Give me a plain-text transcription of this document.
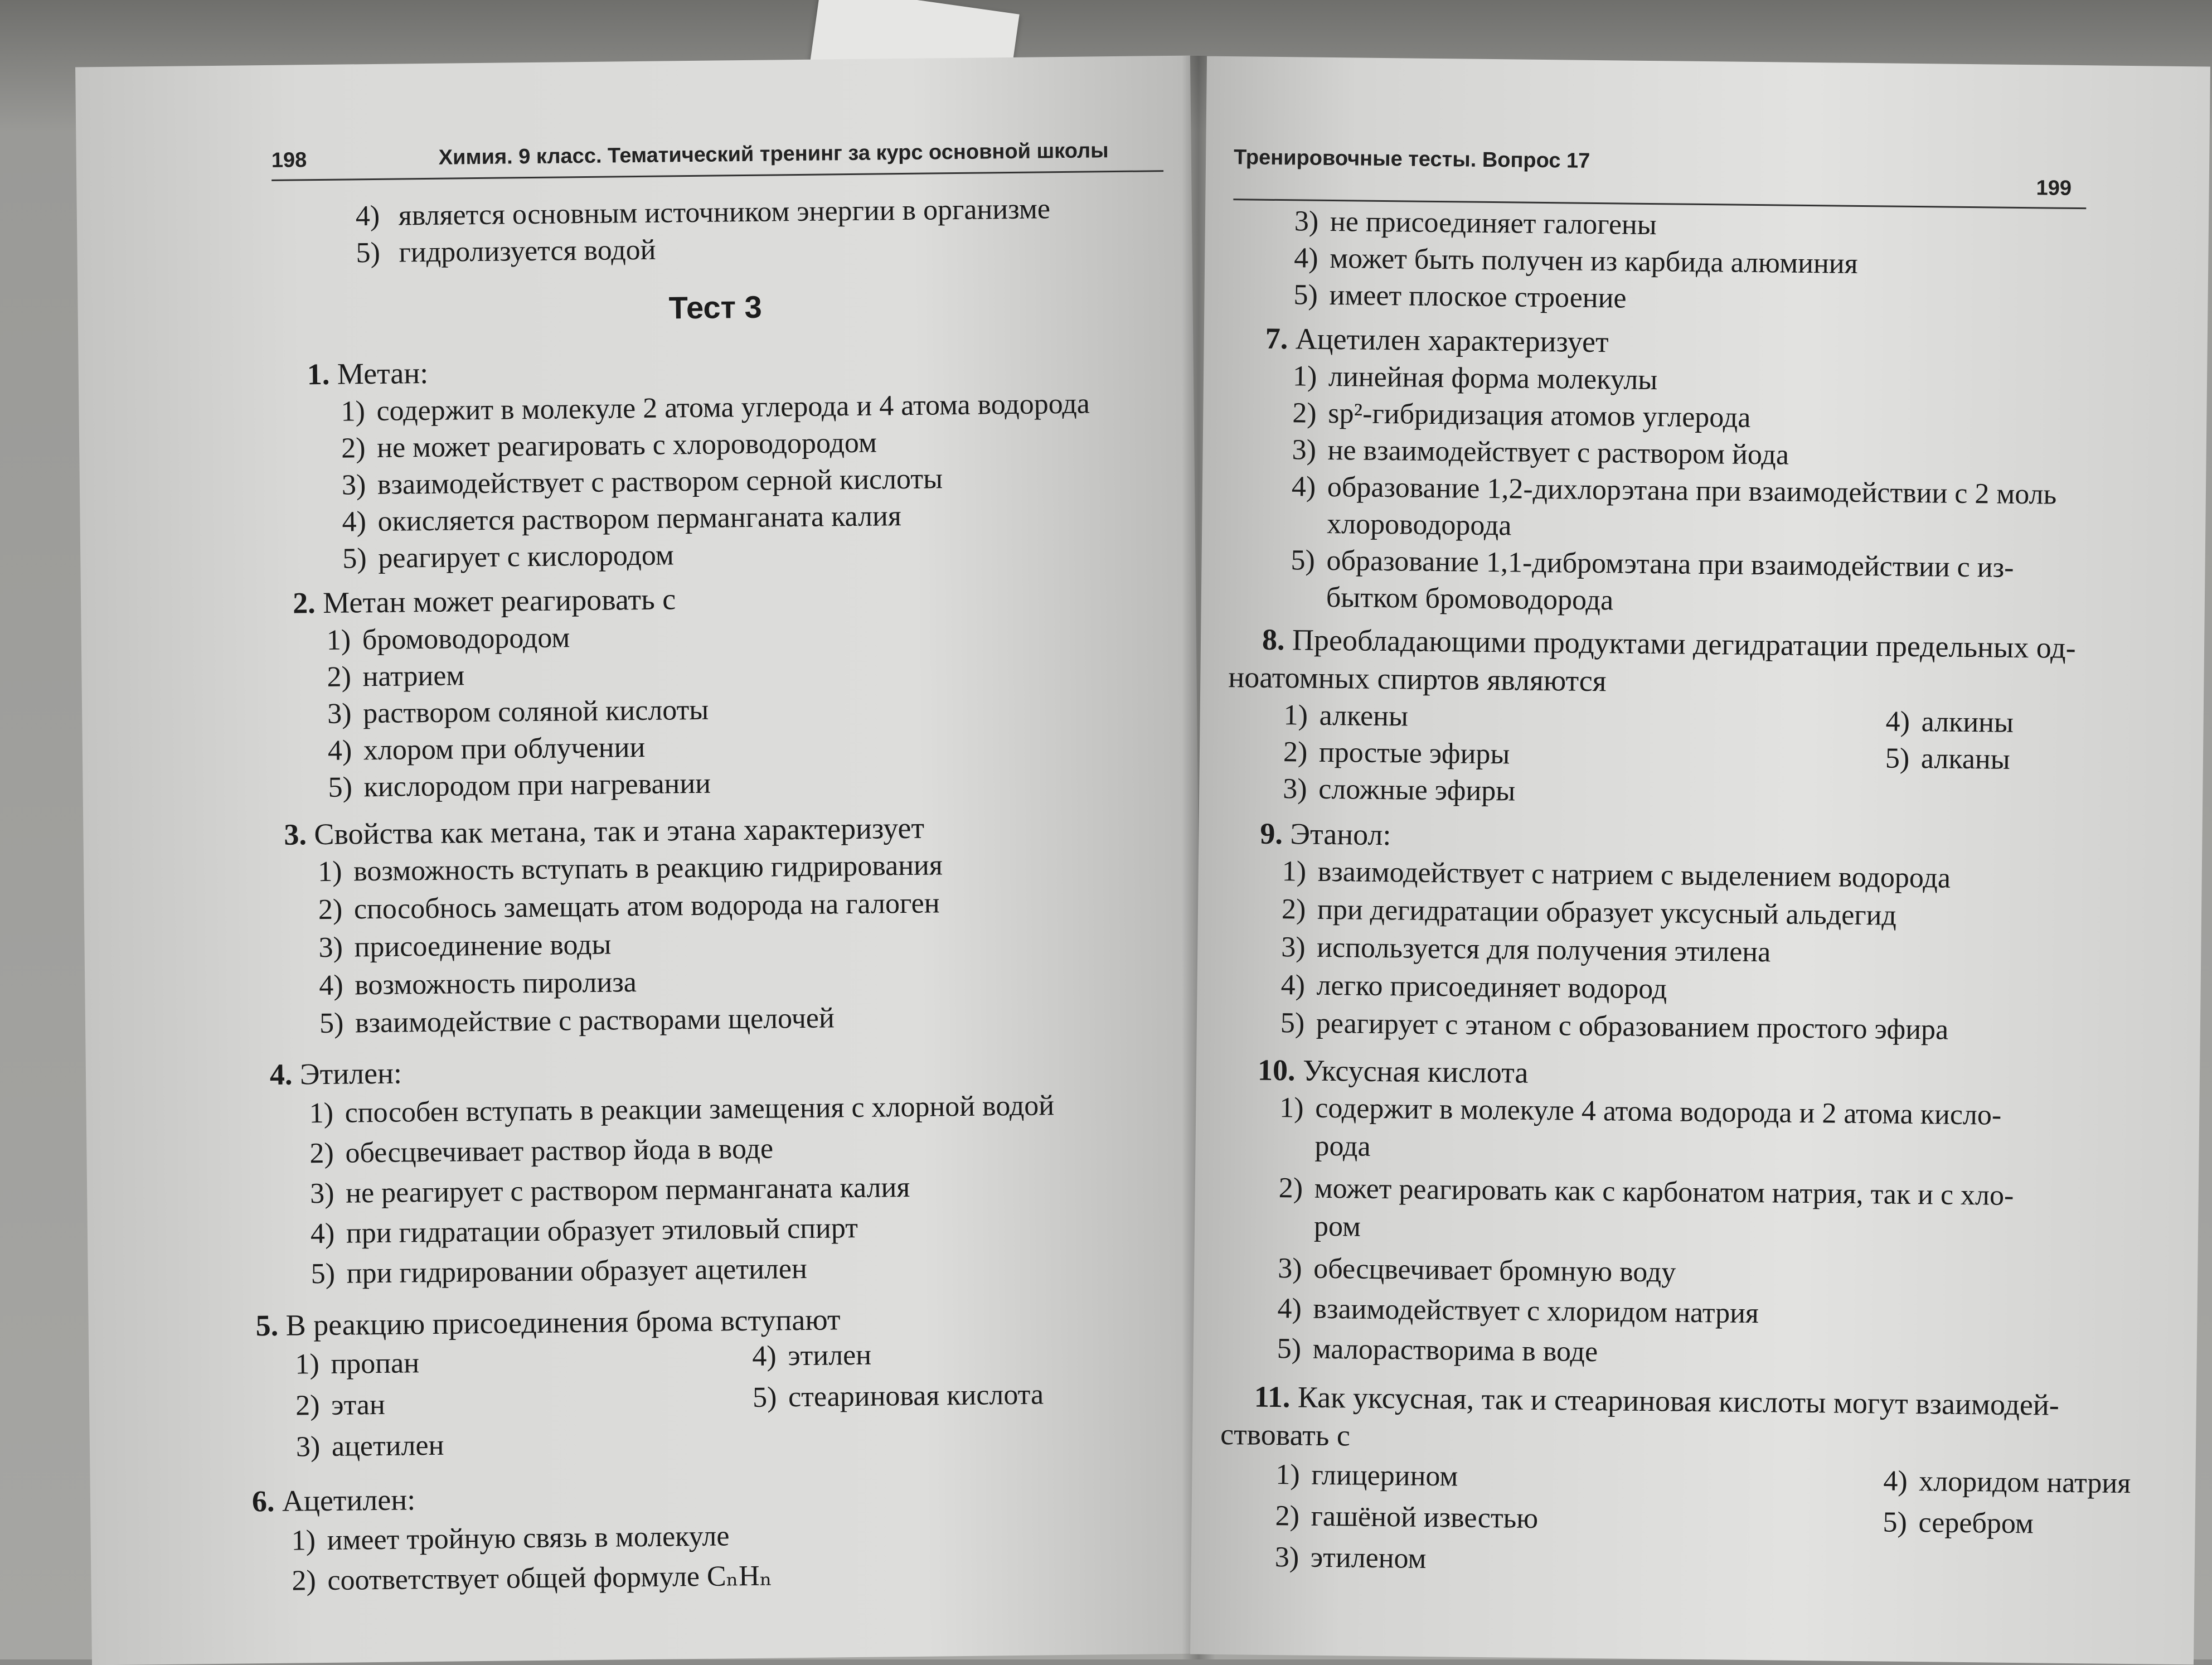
198	Химия. 9 класс. Тематический тренинг за курс основной школы
4) является основным источником энергии в организме
5) гидролизуется водой
Тест 3
1. Метан:
1) содержит в молекуле 2 атома углерода и 4 атома водорода
2) не может реагировать с хлороводородом
3) взаимодействует с раствором серной кислоты
4) окисляется раствором перманганата калия
5) реагирует с кислородом
2. Метан может реагировать с
1) бромоводородом
2) натрием
3) раствором соляной кислоты
4) хлором при облучении
5) кислородом при нагревании
3. Свойства как метана, так и этана характеризует
1) возможность вступать в реакцию гидрирования
2) способнось замещать атом водорода на галоген
3) присоединение воды
4) возможность пиролиза
5) взаимодействие с растворами щелочей
4. Этилен:
1) способен вступать в реакции замещения с хлорной водой
2) обесцвечивает раствор йода в воде
3) не реагирует с раствором перманганата калия
4) при гидратации образует этиловый спирт
5) при гидрировании образует ацетилен
5. В реакцию присоединения брома вступают
1) пропан
2) этан
3) ацетилен
4) этилен
5) стеариновая кислота
6. Ацетилен:
1) имеет тройную связь в молекуле
2) соответствует общей формуле CₙHₙ
Тренировочные тесты. Вопрос 17
199
3) не присоединяет галогены
4) может быть получен из карбида алюминия
5) имеет плоское строение
7. Ацетилен характеризует
1) линейная форма молекулы
2) sp²-гибридизация атомов углерода
3) не взаимодействует с раствором йода
4) образование 1,2-дихлорэтана при взаимодействии с 2 моль
хлороводорода
5) образование 1,1-дибромэтана при взаимодействии с из-
бытком бромоводорода
8. Преобладающими продуктами дегидратации предельных од-
ноатомных спиртов являются
1) алкены
2) простые эфиры
3) сложные эфиры
4) алкины
5) алканы
9. Этанол:
1) взаимодействует с натрием с выделением водорода
2) при дегидратации образует уксусный альдегид
3) используется для получения этилена
4) легко присоединяет водород
5) реагирует с этаном с образованием простого эфира
10. Уксусная кислота
1) содержит в молекуле 4 атома водорода и 2 атома кисло-
рода
2) может реагировать как с карбонатом натрия, так и с хло-
ром
3) обесцвечивает бромную воду
4) взаимодействует с хлоридом натрия
5) малорастворима в воде
11. Как уксусная, так и стеариновая кислоты могут взаимодей-
ствовать с
1) глицерином
2) гашёной известью
3) этиленом
4) хлоридом натрия
5) серебром
